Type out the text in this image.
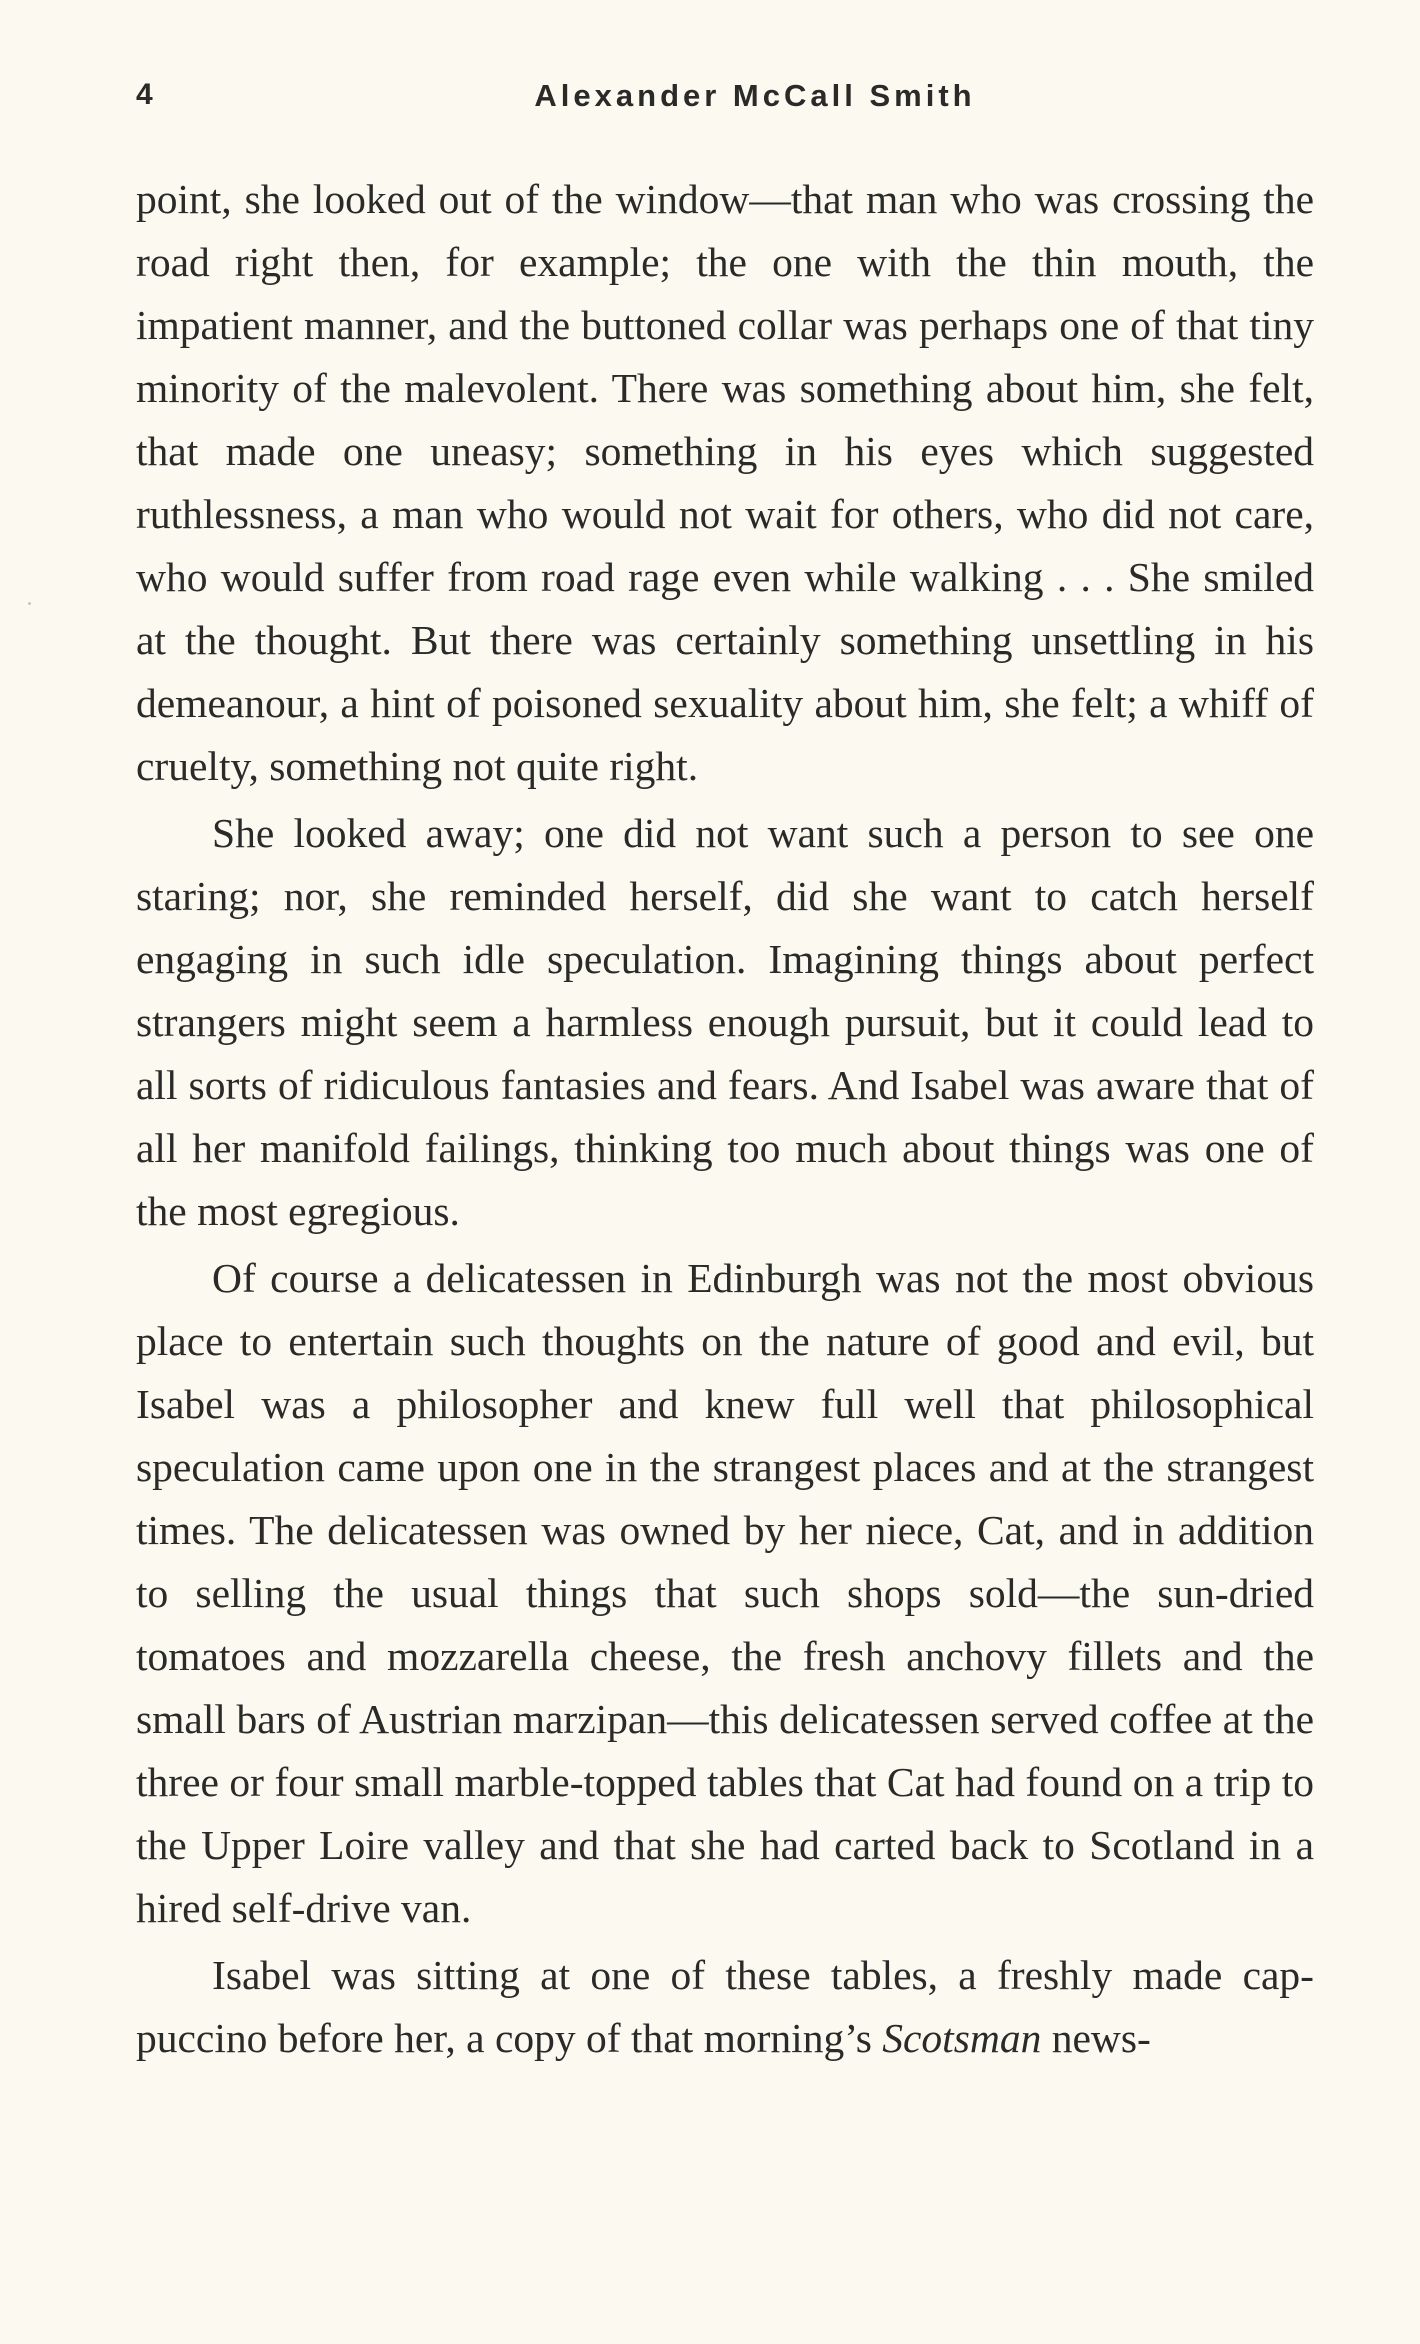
4	Alexander McCall Smith

point, she looked out of the window—that man who was crossing the road right then, for example; the one with the thin mouth, the impatient manner, and the buttoned collar was perhaps one of that tiny minority of the malevolent. There was something about him, she felt, that made one uneasy; something in his eyes which suggested ruthlessness, a man who would not wait for others, who did not care, who would suffer from road rage even while walking . . . She smiled at the thought. But there was certainly something unsettling in his demeanour, a hint of poisoned sexuality about him, she felt; a whiff of cruelty, something not quite right.

She looked away; one did not want such a person to see one staring; nor, she reminded herself, did she want to catch herself engaging in such idle speculation. Imagining things about perfect strangers might seem a harmless enough pursuit, but it could lead to all sorts of ridiculous fantasies and fears. And Isabel was aware that of all her manifold failings, thinking too much about things was one of the most egregious.

Of course a delicatessen in Edinburgh was not the most obvious place to entertain such thoughts on the nature of good and evil, but Isabel was a philosopher and knew full well that philosophical speculation came upon one in the strangest places and at the strangest times. The delicatessen was owned by her niece, Cat, and in addition to selling the usual things that such shops sold—the sun-dried tomatoes and mozzarella cheese, the fresh anchovy fillets and the small bars of Austrian marzipan—this delicatessen served coffee at the three or four small marble-topped tables that Cat had found on a trip to the Upper Loire valley and that she had carted back to Scotland in a hired self-drive van.

Isabel was sitting at one of these tables, a freshly made cappuccino before her, a copy of that morning’s Scotsman news-
